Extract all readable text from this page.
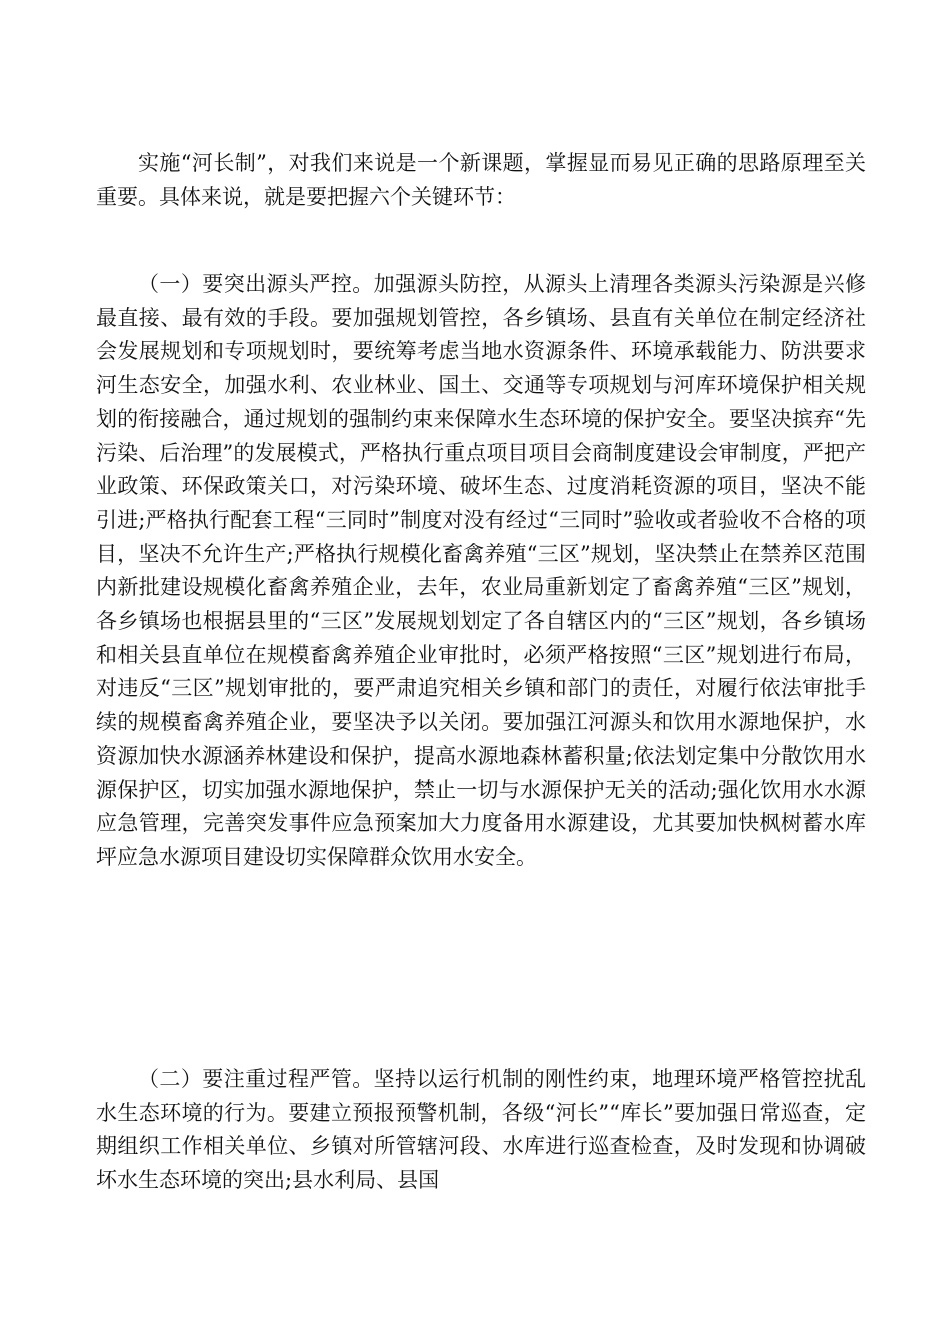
实施“河长制”，对我们来说是一个新课题，掌握显而易见正确的思路原理至关重要。具体来说，就是要把握六个关键环节：

（一）要突出源头严控。加强源头防控，从源头上清理各类源头污染源是兴修最直接、最有效的手段。要加强规划管控，各乡镇场、县直有关单位在制定经济社会发展规划和专项规划时，要统筹考虑当地水资源条件、环境承载能力、防洪要求河生态安全，加强水利、农业林业、国土、交通等专项规划与河库环境保护相关规划的衔接融合，通过规划的强制约束来保障水生态环境的保护安全。要坚决摈弃“先污染、后治理”的发展模式，严格执行重点项目项目会商制度建设会审制度，严把产业政策、环保政策关口，对污染环境、破坏生态、过度消耗资源的项目，坚决不能引进;严格执行配套工程“三同时”制度对没有经过“三同时”验收或者验收不合格的项目，坚决不允许生产;严格执行规模化畜禽养殖“三区”规划，坚决禁止在禁养区范围内新批建设规模化畜禽养殖企业，去年，农业局重新划定了畜禽养殖“三区”规划，各乡镇场也根据县里的“三区”发展规划划定了各自辖区内的“三区”规划，各乡镇场和相关县直单位在规模畜禽养殖企业审批时，必须严格按照“三区”规划进行布局，对违反“三区”规划审批的，要严肃追究相关乡镇和部门的责任，对履行依法审批手续的规模畜禽养殖企业，要坚决予以关闭。要加强江河源头和饮用水源地保护，水资源加快水源涵养林建设和保护，提高水源地森林蓄积量;依法划定集中分散饮用水源保护区，切实加强水源地保护，禁止一切与水源保护无关的活动;强化饮用水水源应急管理，完善突发事件应急预案加大力度备用水源建设，尤其要加快枫树蓄水库坪应急水源项目建设切实保障群众饮用水安全。

（二）要注重过程严管。坚持以运行机制的刚性约束，地理环境严格管控扰乱水生态环境的行为。要建立预报预警机制，各级“河长”“库长”要加强日常巡查，定期组织工作相关单位、乡镇对所管辖河段、水库进行巡查检查，及时发现和协调破坏水生态环境的突出;县水利局、县国
